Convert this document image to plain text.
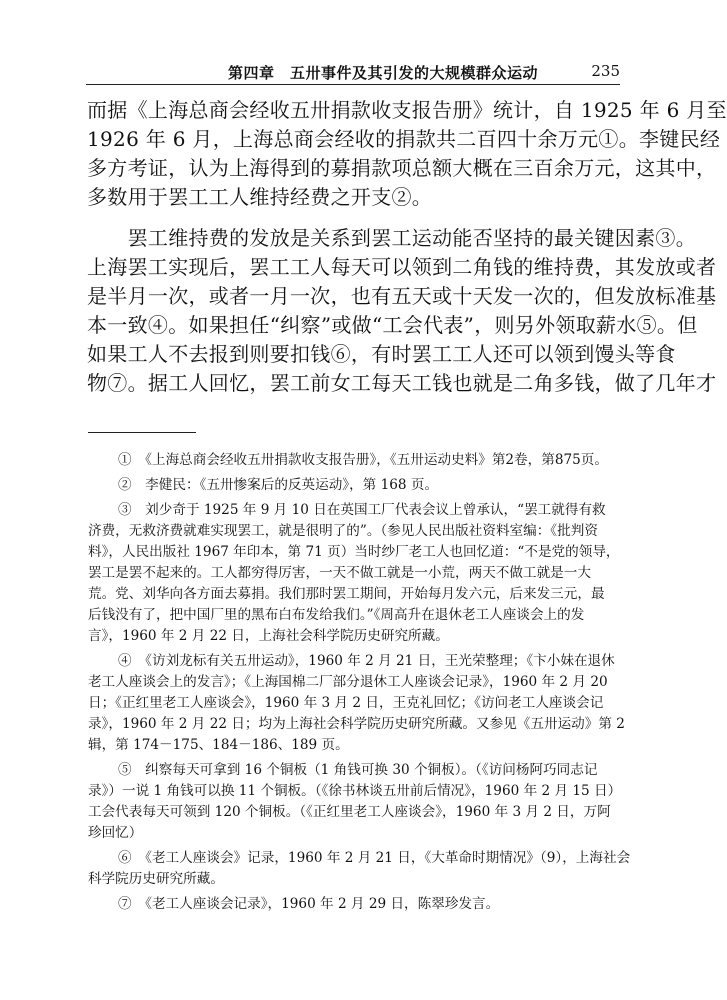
第四章　五卅事件及其引发的大规模群众运动	235
而据《上海总商会经收五卅捐款收支报告册》统计，自 1925 年 6 月至
1926 年 6 月，上海总商会经收的捐款共二百四十余万元①。李键民经
多方考证，认为上海得到的募捐款项总额大概在三百余万元，这其中，
多数用于罢工工人维持经费之开支②。
　　罢工维持费的发放是关系到罢工运动能否坚持的最关键因素③。
上海罢工实现后，罢工工人每天可以领到二角钱的维持费，其发放或者
是半月一次，或者一月一次，也有五天或十天发一次的，但发放标准基
本一致④。如果担任“纠察”或做“工会代表”，则另外领取薪水⑤。但
如果工人不去报到则要扣钱⑥，有时罢工工人还可以领到馒头等食
物⑦。据工人回忆，罢工前女工每天工钱也就是二角多钱，做了几年才
①　《上海总商会经收五卅捐款收支报告册》，《五卅运动史料》第2卷，第875页。
②　李健民：《五卅惨案后的反英运动》，第 168 页。
③　刘少奇于 1925 年 9 月 10 日在英国工厂代表会议上曾承认，“罢工就得有救
济费，无救济费就难实现罢工，就是很明了的”。（参见人民出版社资料室编：《批判资
料》，人民出版社 1967 年印本，第 71 页）当时纱厂老工人也回忆道：“不是党的领导，
罢工是罢不起来的。工人都穷得厉害，一天不做工就是一小荒，两天不做工就是一大
荒。党、刘华向各方面去募捐。我们那时罢工期间，开始每月发六元，后来发三元，最
后钱没有了，把中国厂里的黑布白布发给我们。”《周高升在退休老工人座谈会上的发
言》，1960 年 2 月 22 日，上海社会科学院历史研究所藏。
④　《访刘龙标有关五卅运动》，1960 年 2 月 21 日，王光荣整理；《卞小妹在退休
老工人座谈会上的发言》；《上海国棉二厂部分退休工人座谈会记录》，1960 年 2 月 20
日；《正红里老工人座谈会》，1960 年 3 月 2 日，王克礼回忆；《访问老工人座谈会记
录》，1960 年 2 月 22 日；均为上海社会科学院历史研究所藏。又参见《五卅运动》第 2
辑，第 174－175、184－186、189 页。
⑤　纠察每天可拿到 16 个铜板（1 角钱可换 30 个铜板）。（《访问杨阿巧同志记
录》）一说 1 角钱可以换 11 个铜板。（《徐书林谈五卅前后情况》，1960 年 2 月 15 日）
工会代表每天可领到 120 个铜板。（《正红里老工人座谈会》，1960 年 3 月 2 日，万阿
珍回忆）
⑥　《老工人座谈会》记录，1960 年 2 月 21 日，《大革命时期情况》（9），上海社会
科学院历史研究所藏。
⑦　《老工人座谈会记录》，1960 年 2 月 29 日，陈翠珍发言。
